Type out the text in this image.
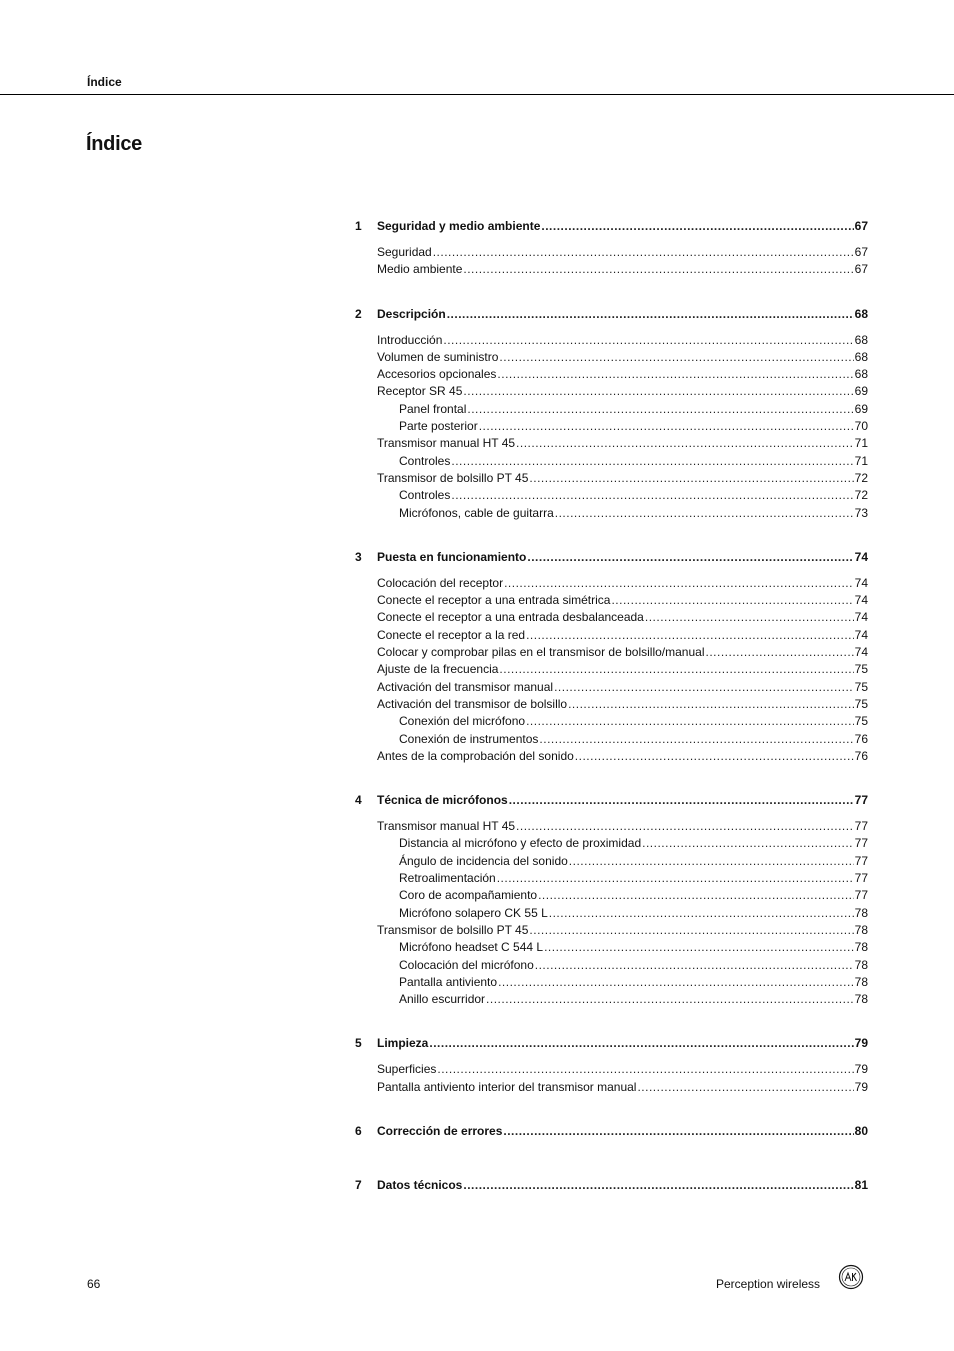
Índice
Índice
1	Seguridad y medio ambiente .....	67
Seguridad .....	67
Medio ambiente .....	67
2	Descripción .....	68
Introducción .....	68
Volumen de suministro .....	68
Accesorios opcionales .....	68
Receptor SR 45 .....	69
Panel frontal .....	69
Parte posterior .....	70
Transmisor manual HT 45 .....	71
Controles .....	71
Transmisor de bolsillo PT 45 .....	72
Controles .....	72
Micrófonos, cable de guitarra .....	73
3	Puesta en funcionamiento .....	74
Colocación del receptor .....	74
Conecte el receptor a una entrada simétrica .....	74
Conecte el receptor a una entrada desbalanceada .....	74
Conecte el receptor a la red .....	74
Colocar y comprobar pilas en el transmisor de bolsillo/manual .....	74
Ajuste de la frecuencia .....	75
Activación del transmisor manual .....	75
Activación del transmisor de bolsillo .....	75
Conexión del micrófono .....	75
Conexión de instrumentos .....	76
Antes de la comprobación del sonido .....	76
4	Técnica de micrófonos .....	77
Transmisor manual HT 45 .....	77
Distancia al micrófono y efecto de proximidad .....	77
Ángulo de incidencia del sonido .....	77
Retroalimentación .....	77
Coro de acompañamiento .....	77
Micrófono solapero CK 55 L .....	78
Transmisor de bolsillo PT 45 .....	78
Micrófono headset C 544 L .....	78
Colocación del micrófono .....	78
Pantalla antiviento .....	78
Anillo escurridor .....	78
5	Limpieza .....	79
Superficies .....	79
Pantalla antiviento interior del transmisor manual .....	79
6	Corrección de errores .....	80
7	Datos técnicos .....	81
66	Perception wireless
